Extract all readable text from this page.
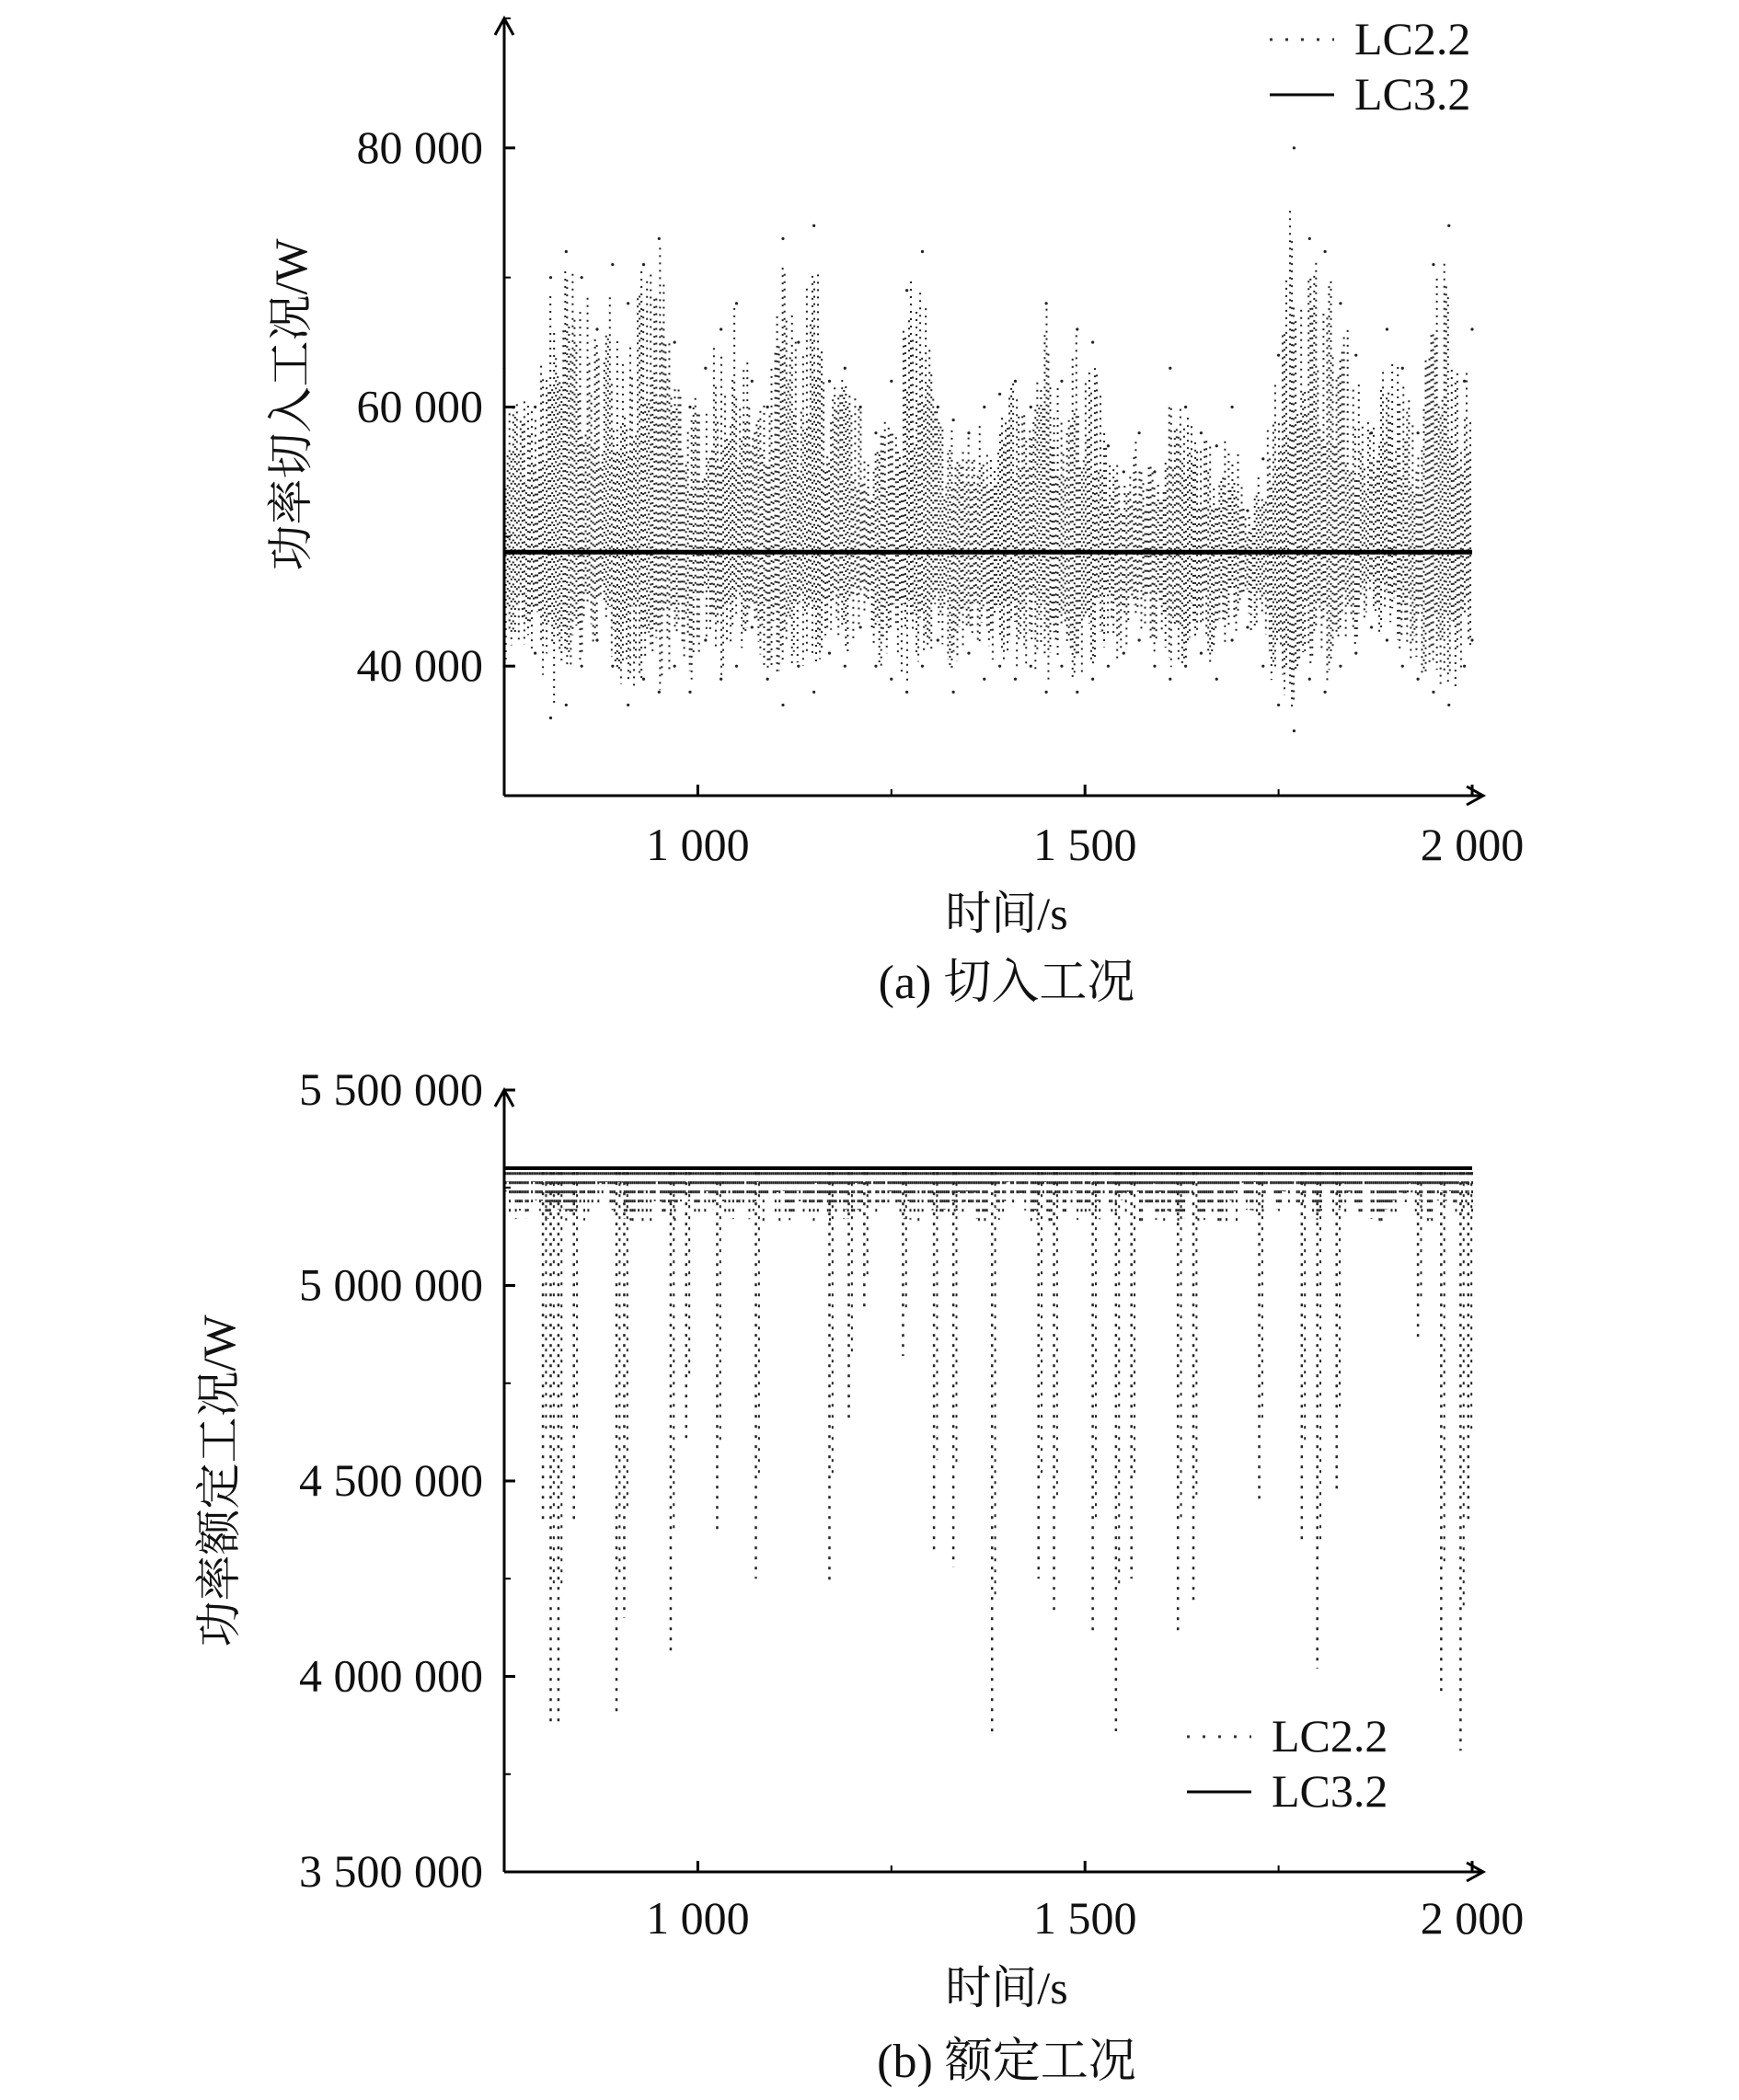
1 000	1 500	2 000
40 000
60 000
80 000
功率切入工况/W
时间/s
(a) 切入工况
LC2.2
LC3.2
1 000	1 500	2 000
3 500 000
4 000 000
4 500 000
5 000 000
5 500 000
功率额定工况/W
时间/s
(b) 额定工况
LC2.2
LC3.2
